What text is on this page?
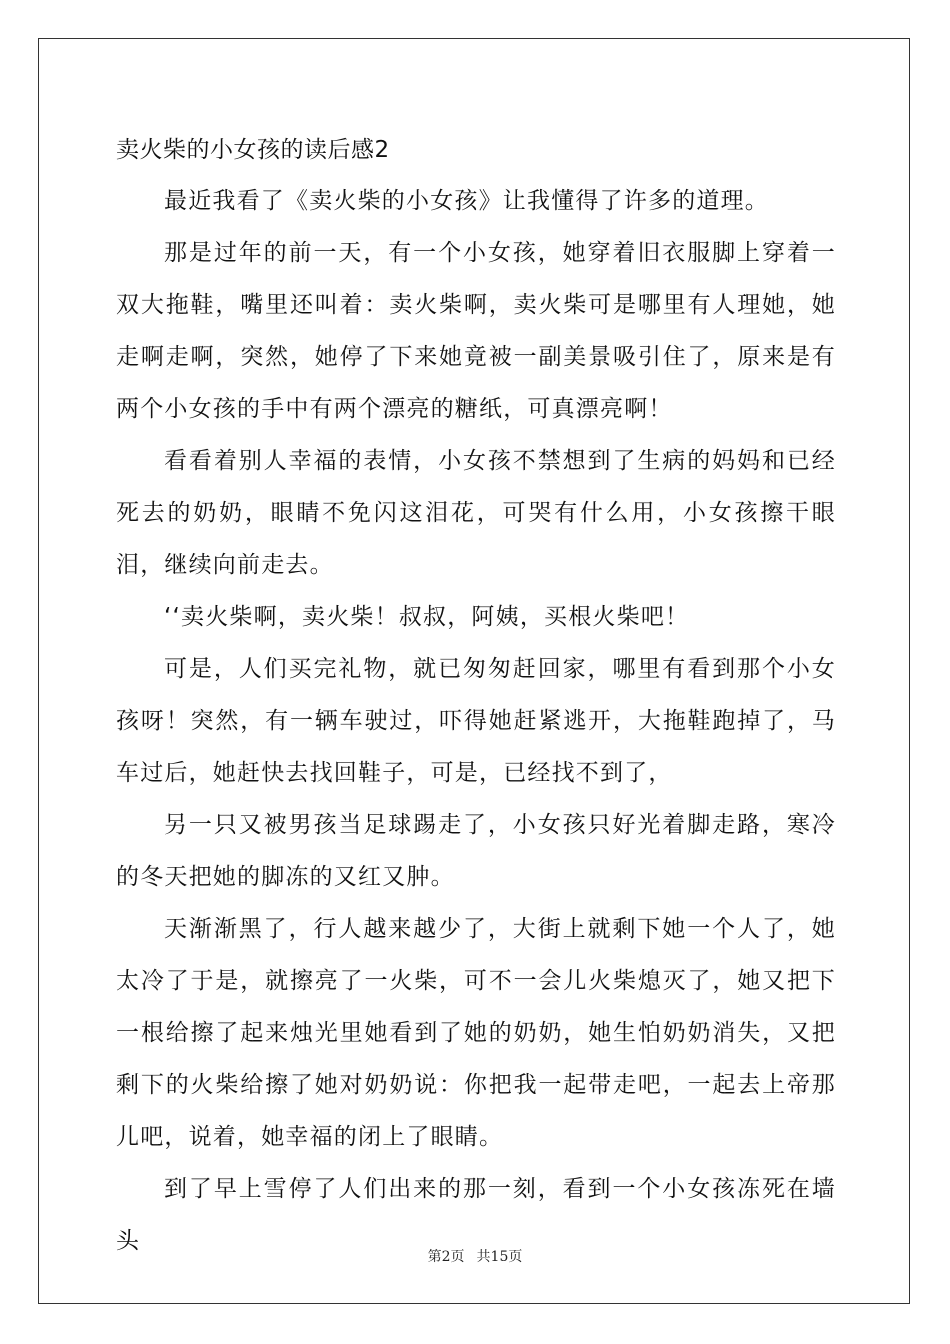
卖火柴的小女孩的读后感2

最近我看了《卖火柴的小女孩》让我懂得了许多的道理。

那是过年的前一天，有一个小女孩，她穿着旧衣服脚上穿着一双大拖鞋，嘴里还叫着：卖火柴啊，卖火柴可是哪里有人理她，她走啊走啊，突然，她停了下来她竟被一副美景吸引住了，原来是有两个小女孩的手中有两个漂亮的糖纸，可真漂亮啊！

看看着别人幸福的表情，小女孩不禁想到了生病的妈妈和已经死去的奶奶，眼睛不免闪这泪花，可哭有什么用，小女孩擦干眼泪，继续向前走去。

‘‘卖火柴啊，卖火柴！叔叔，阿姨，买根火柴吧！

可是，人们买完礼物，就已匆匆赶回家，哪里有看到那个小女孩呀！突然，有一辆车驶过，吓得她赶紧逃开，大拖鞋跑掉了，马车过后，她赶快去找回鞋子，可是，已经找不到了，

另一只又被男孩当足球踢走了，小女孩只好光着脚走路，寒冷的冬天把她的脚冻的又红又肿。

天渐渐黑了，行人越来越少了，大街上就剩下她一个人了，她太冷了于是，就擦亮了一火柴，可不一会儿火柴熄灭了，她又把下一根给擦了起来烛光里她看到了她的奶奶，她生怕奶奶消失，又把剩下的火柴给擦了她对奶奶说：你把我一起带走吧，一起去上帝那儿吧，说着，她幸福的闭上了眼睛。

到了早上雪停了人们出来的那一刻，看到一个小女孩冻死在墙头

第2页 共15页
